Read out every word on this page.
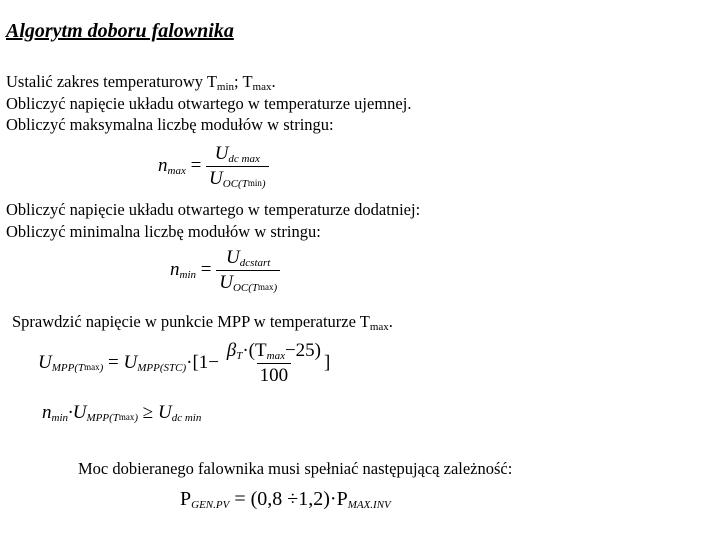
Algorytm doboru falownika
Ustalić zakres temperaturowy $T_{min}$; $T_{max}$.
Obliczyć napięcie układu otwartego w temperaturze ujemnej.
Obliczyć maksymalna liczbę modułów w stringu:
$nmax = \frac{\text{Udc max}}{\text{UOC(Tmin)}}$
Obliczyć napięcie układu otwartego w temperaturze dodatniej:
Obliczyć minimalna liczbę modułów w stringu:
$nmin = \frac{\text{Udcstart}}{\text{UOC(Tmax)}}$
Sprawdzić napięcie w punkcie MPP w temperaturze $T_{max}$.
UMPP(Tmax) = UMPP(STC)·[1− $\frac{\beta T\cdot(Tmax-25)}{100}$ ]
nmin·UMPP(Tmax) ≥ Udc min
Moc dobieranego falownika musi spełniać następującą zależność:
PGEN.PV = (0,8 ÷1,2)·PMAX.INV
